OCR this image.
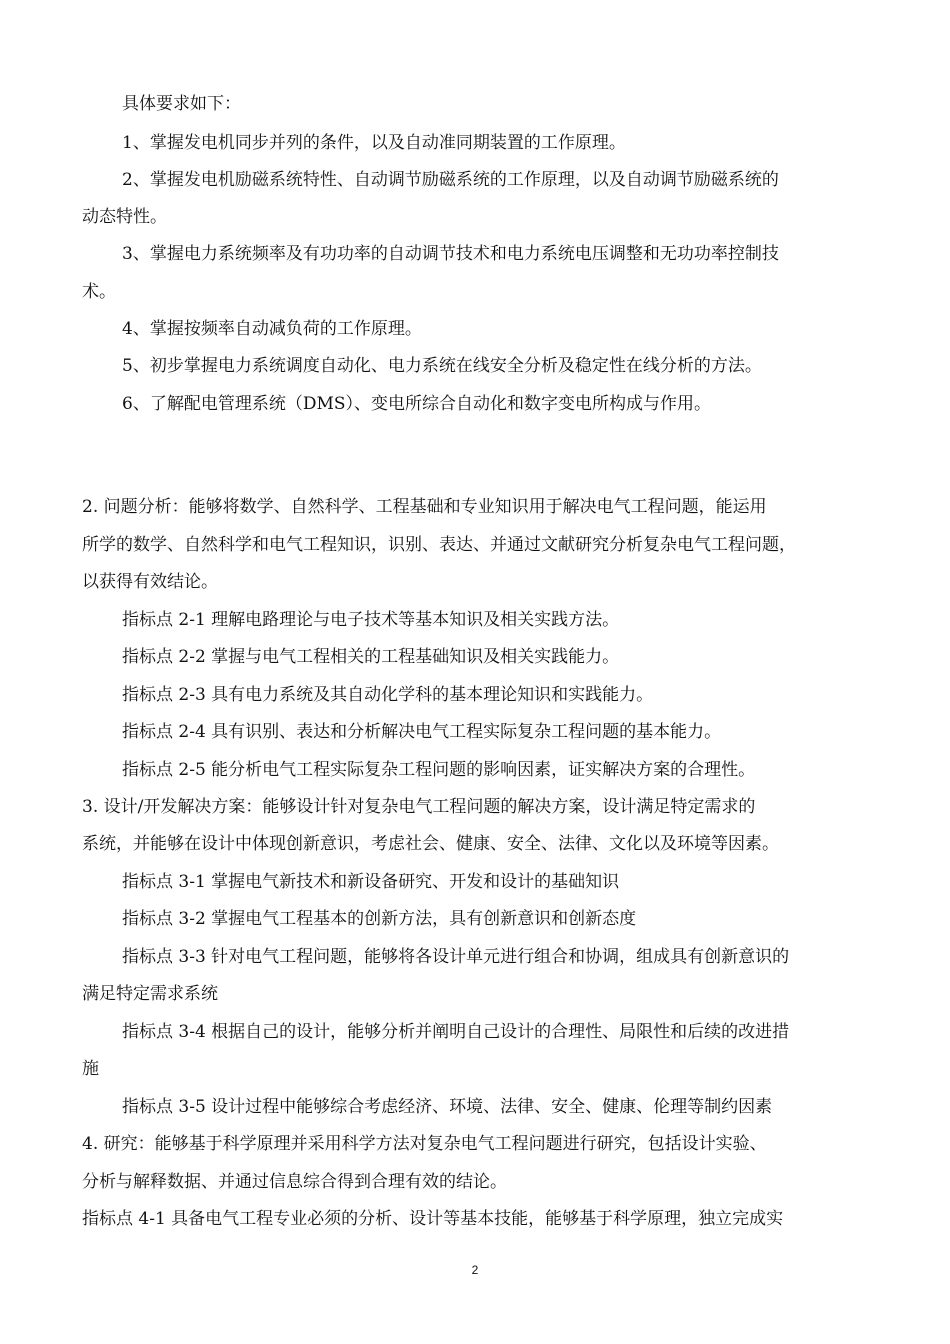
具体要求如下：
1、掌握发电机同步并列的条件，以及自动准同期装置的工作原理。
2、掌握发电机励磁系统特性、自动调节励磁系统的工作原理，以及自动调节励磁系统的
动态特性。
3、掌握电力系统频率及有功功率的自动调节技术和电力系统电压调整和无功功率控制技
术。
4、掌握按频率自动减负荷的工作原理。
5、初步掌握电力系统调度自动化、电力系统在线安全分析及稳定性在线分析的方法。
6、了解配电管理系统（DMS）、变电所综合自动化和数字变电所构成与作用。
2. 问题分析：能够将数学、自然科学、工程基础和专业知识用于解决电气工程问题，能运用
所学的数学、自然科学和电气工程知识，识别、表达、并通过文献研究分析复杂电气工程问题，
以获得有效结论。
指标点 2-1 理解电路理论与电子技术等基本知识及相关实践方法。
指标点 2-2 掌握与电气工程相关的工程基础知识及相关实践能力。
指标点 2-3 具有电力系统及其自动化学科的基本理论知识和实践能力。
指标点 2-4 具有识别、表达和分析解决电气工程实际复杂工程问题的基本能力。
指标点 2-5 能分析电气工程实际复杂工程问题的影响因素，证实解决方案的合理性。
3. 设计/开发解决方案：能够设计针对复杂电气工程问题的解决方案，设计满足特定需求的
系统，并能够在设计中体现创新意识，考虑社会、健康、安全、法律、文化以及环境等因素。
指标点 3-1 掌握电气新技术和新设备研究、开发和设计的基础知识
指标点 3-2 掌握电气工程基本的创新方法，具有创新意识和创新态度
指标点 3-3 针对电气工程问题，能够将各设计单元进行组合和协调，组成具有创新意识的
满足特定需求系统
指标点 3-4 根据自己的设计，能够分析并阐明自己设计的合理性、局限性和后续的改进措
施
指标点 3-5 设计过程中能够综合考虑经济、环境、法律、安全、健康、伦理等制约因素
4. 研究：能够基于科学原理并采用科学方法对复杂电气工程问题进行研究，包括设计实验、
分析与解释数据、并通过信息综合得到合理有效的结论。
指标点 4-1 具备电气工程专业必须的分析、设计等基本技能，能够基于科学原理，独立完成实
2
